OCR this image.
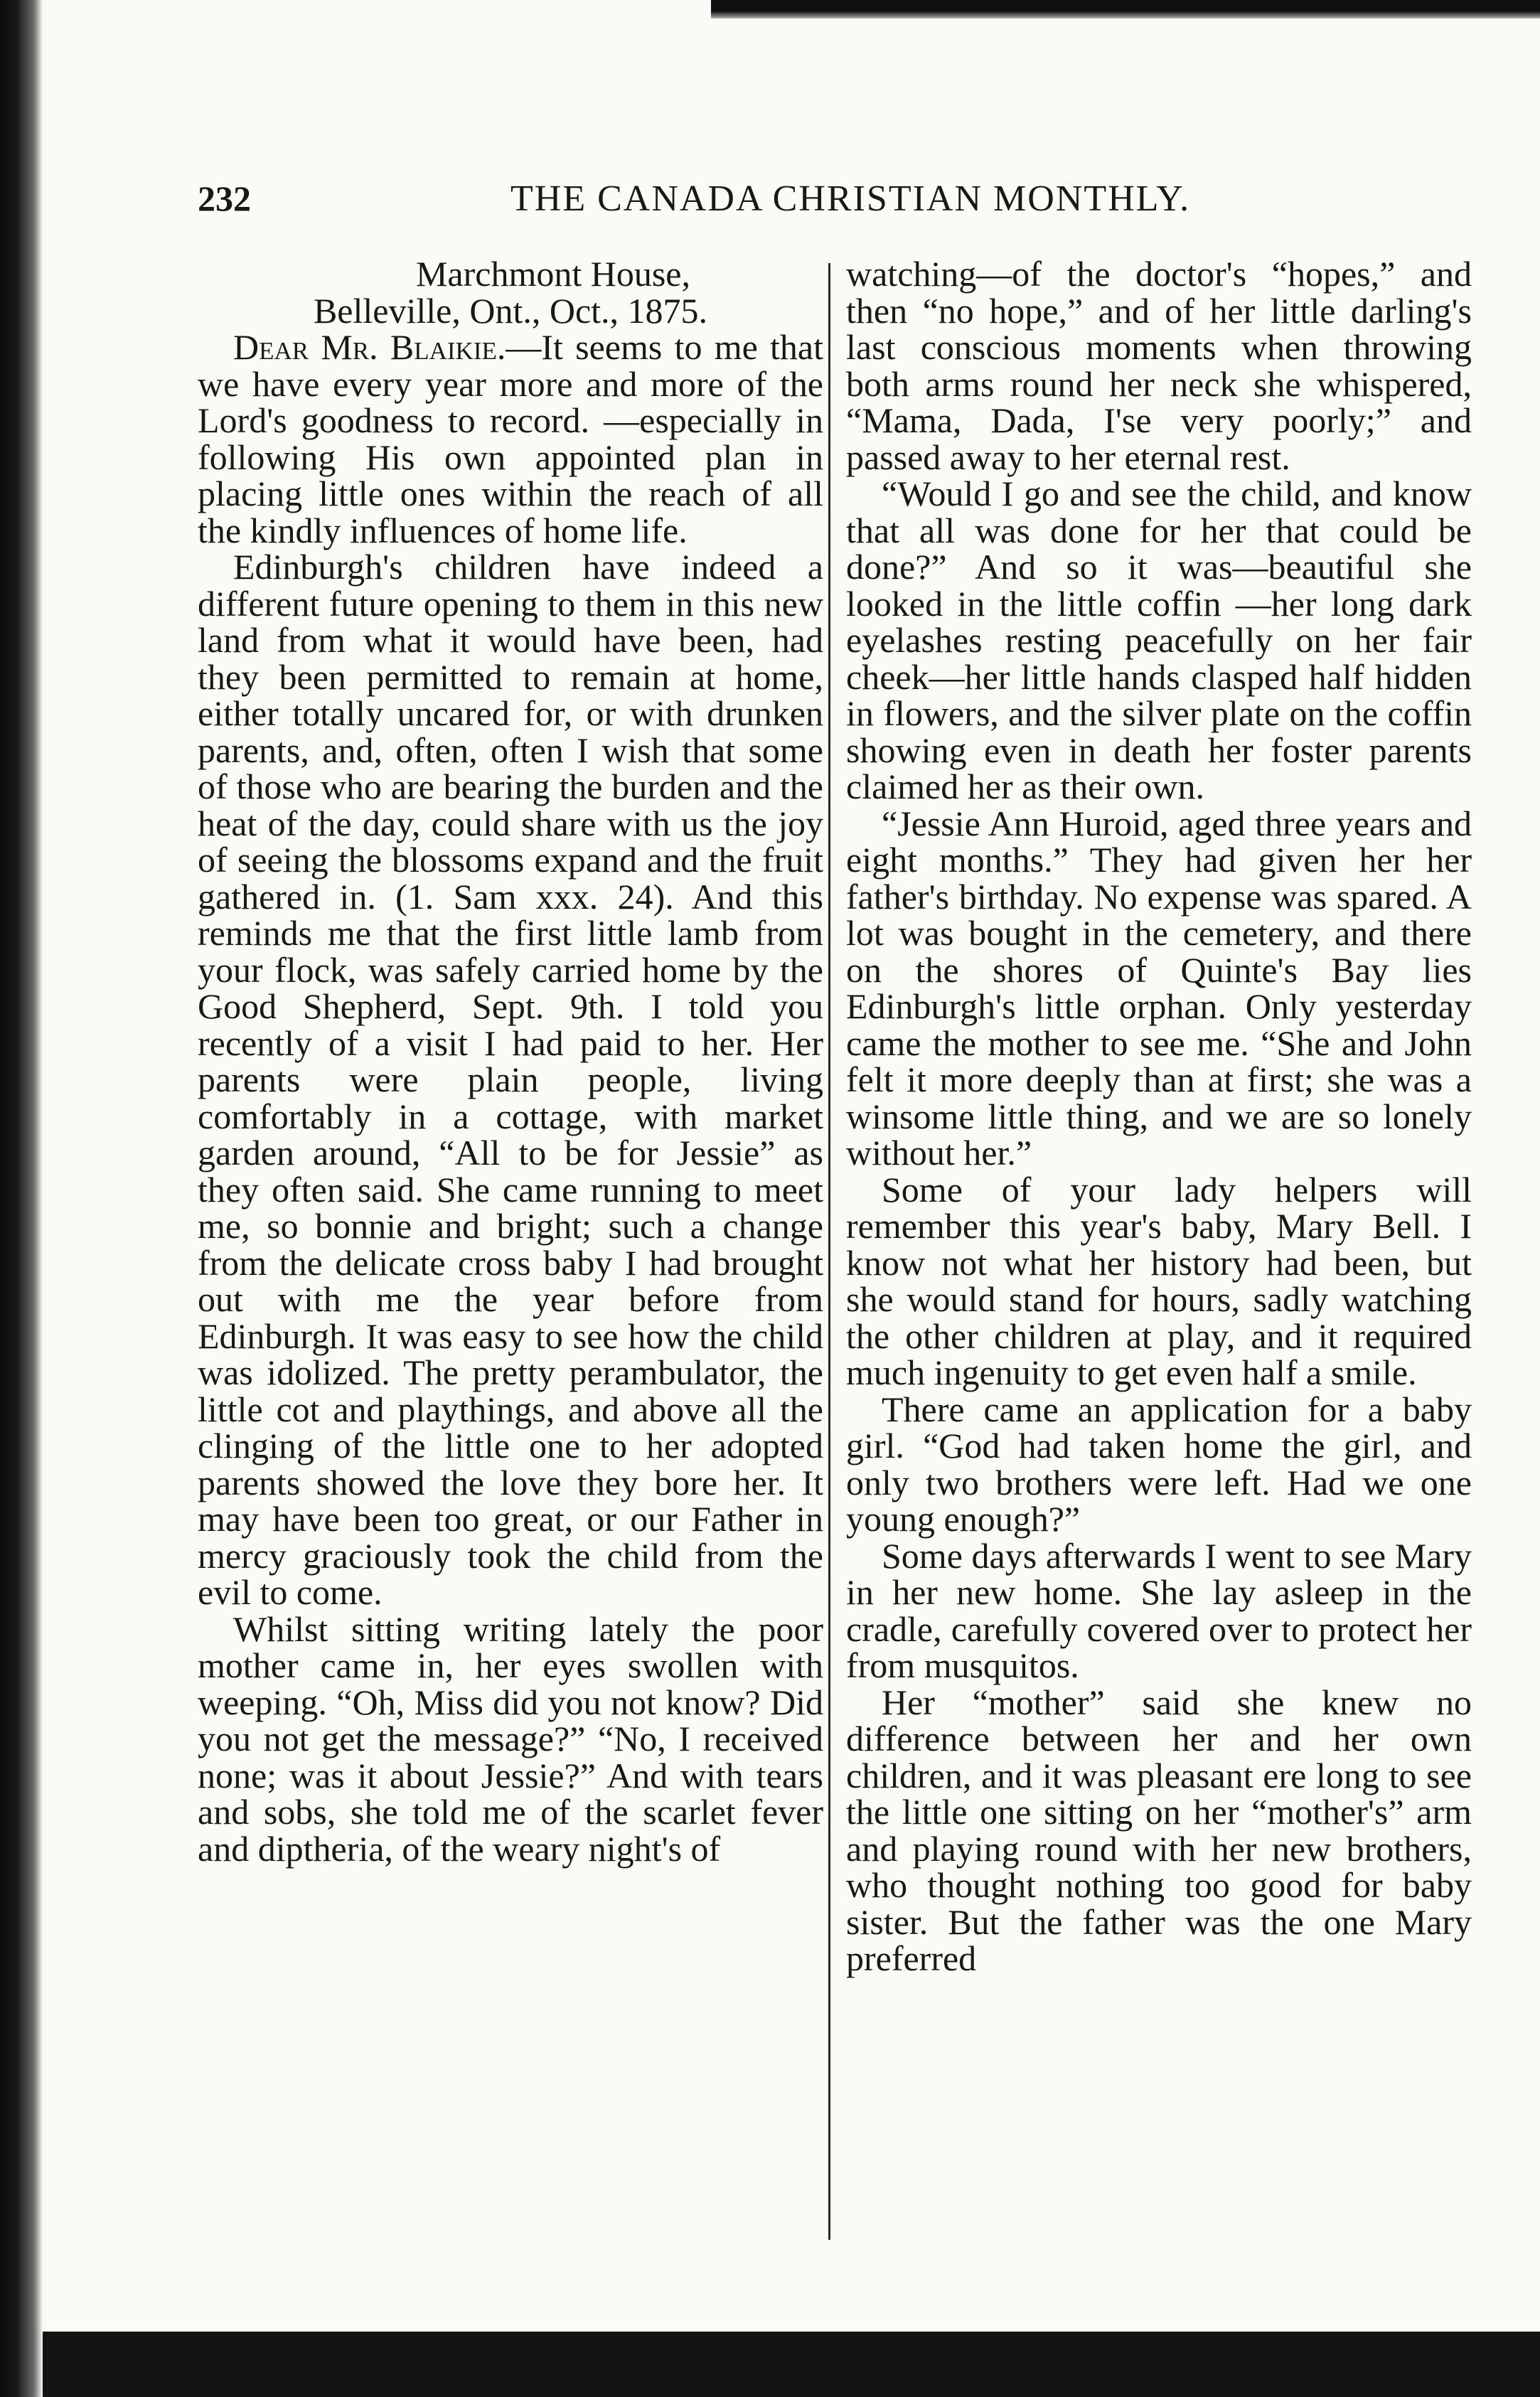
232	THE CANADA CHRISTIAN MONTHLY.

Marchmont House,

Belleville, Ont., Oct., 1875.

Dear Mr. Blaikie.—It seems to me that we have every year more and more of the Lord's goodness to record. —especially in following His own appointed plan in placing little ones within the reach of all the kindly influences of home life.

Edinburgh's children have indeed a different future opening to them in this new land from what it would have been, had they been permitted to remain at home, either totally uncared for, or with drunken parents, and, often, often I wish that some of those who are bearing the burden and the heat of the day, could share with us the joy of seeing the blossoms expand and the fruit gathered in. (1. Sam xxx. 24). And this reminds me that the first little lamb from your flock, was safely carried home by the Good Shepherd, Sept. 9th. I told you recently of a visit I had paid to her. Her parents were plain people, living comfortably in a cottage, with market garden around, “All to be for Jessie” as they often said. She came running to meet me, so bonnie and bright; such a change from the delicate cross baby I had brought out with me the year before from Edinburgh. It was easy to see how the child was idolized. The pretty perambulator, the little cot and playthings, and above all the clinging of the little one to her adopted parents showed the love they bore her. It may have been too great, or our Father in mercy graciously took the child from the evil to come.

Whilst sitting writing lately the poor mother came in, her eyes swollen with weeping. “Oh, Miss did you not know? Did you not get the message?” “No, I received none; was it about Jessie?” And with tears and sobs, she told me of the scarlet fever and diptheria, of the weary night's of

watching—of the doctor's “hopes,” and then “no hope,” and of her little darling's last conscious moments when throwing both arms round her neck she whispered, “Mama, Dada, I'se very poorly;” and passed away to her eternal rest.

“Would I go and see the child, and know that all was done for her that could be done?” And so it was—beautiful she looked in the little coffin —her long dark eyelashes resting peacefully on her fair cheek—her little hands clasped half hidden in flowers, and the silver plate on the coffin showing even in death her foster parents claimed her as their own.

“Jessie Ann Huroid, aged three years and eight months.” They had given her her father's birthday. No expense was spared. A lot was bought in the cemetery, and there on the shores of Quinte's Bay lies Edinburgh's little orphan. Only yesterday came the mother to see me. “She and John felt it more deeply than at first; she was a winsome little thing, and we are so lonely without her.”

Some of your lady helpers will remember this year's baby, Mary Bell. I know not what her history had been, but she would stand for hours, sadly watching the other children at play, and it required much ingenuity to get even half a smile.

There came an application for a baby girl. “God had taken home the girl, and only two brothers were left. Had we one young enough?”

Some days afterwards I went to see Mary in her new home. She lay asleep in the cradle, carefully covered over to protect her from musquitos.

Her “mother” said she knew no difference between her and her own children, and it was pleasant ere long to see the little one sitting on her “mother's” arm and playing round with her new brothers, who thought nothing too good for baby sister. But the father was the one Mary preferred
